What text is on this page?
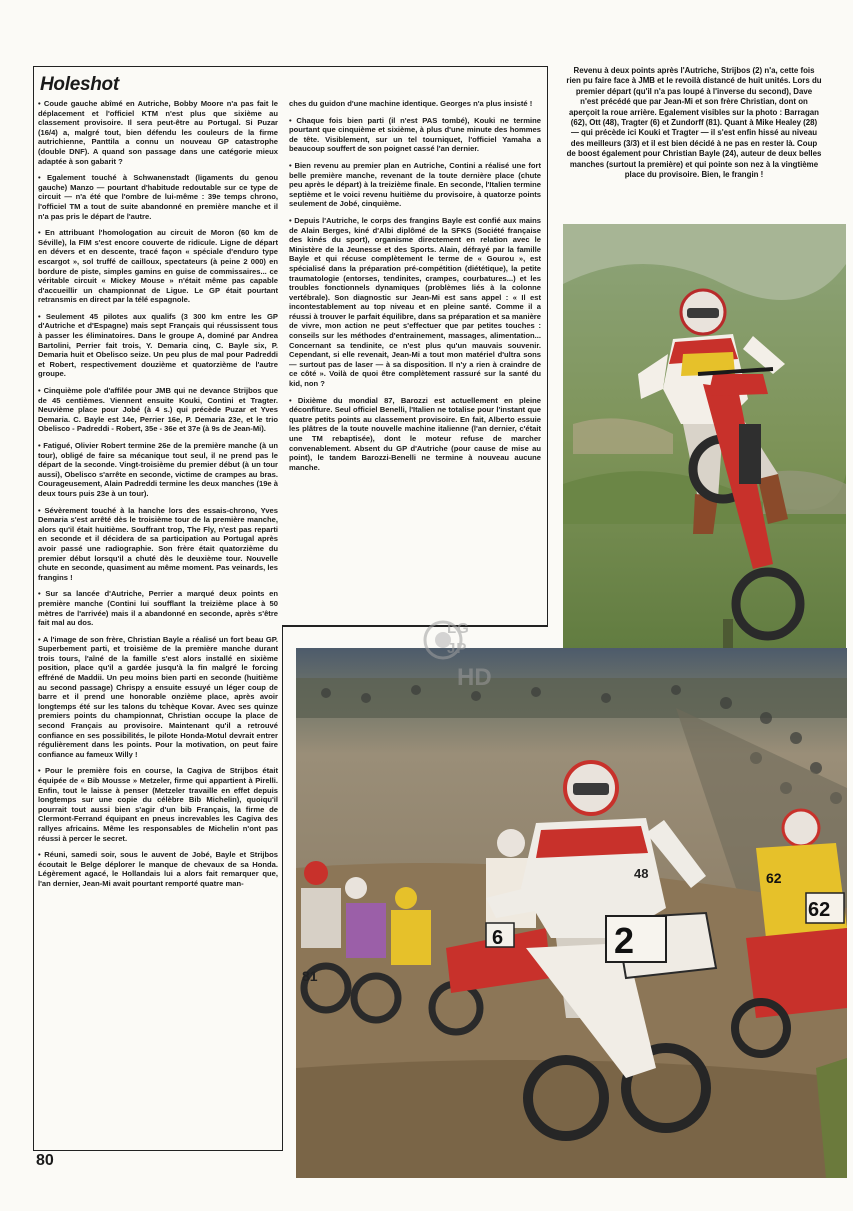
Holeshot

• Coude gauche abîmé en Autriche, Bobby Moore n'a pas fait le déplacement et l'officiel KTM n'est plus que sixième au classement provisoire. Il sera peut-être au Portugal. Si Puzar (16/4) a, malgré tout, bien défendu les couleurs de la firme autrichienne, Panttila a connu un nouveau GP catastrophe (double DNF). A quand son passage dans une catégorie mieux adaptée à son gabarit ?

• Egalement touché à Schwanenstadt (ligaments du genou gauche) Manzo — pourtant d'habitude redoutable sur ce type de circuit — n'a été que l'ombre de lui-même : 39e temps chrono, l'officiel TM a tout de suite abandonné en première manche et il n'a pas pris le départ de l'autre.

• En attribuant l'homologation au circuit de Moron (60 km de Séville), la FIM s'est encore couverte de ridicule. Ligne de départ en dévers et en descente, tracé façon « spéciale d'enduro type escargot », sol truffé de cailloux, spectateurs (à peine 2 000) en bordure de piste, simples gamins en guise de commissaires... ce véritable circuit « Mickey Mouse » n'était même pas capable d'accueillir un championnat de Ligue. Le GP était pourtant retransmis en direct par la télé espagnole.

• Seulement 45 pilotes aux qualifs (3 300 km entre les GP d'Autriche et d'Espagne) mais sept Français qui réussissent tous à passer les éliminatoires. Dans le groupe A, dominé par Andrea Bartolini, Perrier fait trois, Y. Demaria cinq, C. Bayle six, P. Demaria huit et Obelisco seize. Un peu plus de mal pour Padreddi et Robert, respectivement douzième et quatorzième de l'autre groupe.

• Cinquième pole d'affilée pour JMB qui ne devance Strijbos que de 45 centièmes. Viennent ensuite Kouki, Contini et Tragter. Neuvième place pour Jobé (à 4 s.) qui précède Puzar et Yves Demaria. C. Bayle est 14e, Perrier 16e, P. Demaria 23e, et le trio Obelisco - Padreddi - Robert, 35e - 36e et 37e (à 9s de Jean-Mi).

• Fatigué, Olivier Robert termine 26e de la première manche (à un tour), obligé de faire sa mécanique tout seul, il ne prend pas le départ de la seconde. Vingt-troisième du premier début (à un tour aussi), Obelisco s'arrête en seconde, victime de crampes au bras. Courageusement, Alain Padreddi termine les deux manches (19e à deux tours puis 23e à un tour).

• Sévèrement touché à la hanche lors des essais-chrono, Yves Demaria s'est arrêté dès le troisième tour de la première manche, alors qu'il était huitième. Souffrant trop, The Fly, n'est pas reparti en seconde et il décidera de sa participation au Portugal après avoir passé une radiographie. Son frère était quatorzième du premier début lorsqu'il a chuté dès le deuxième tour. Nouvelle chute en seconde, quasiment au même moment. Pas veinards, les frangins !

• Sur sa lancée d'Autriche, Perrier a marqué deux points en première manche (Contini lui soufflant la treizième place à 50 mètres de l'arrivée) mais il a abandonné en seconde, après s'être fait mal au dos.

• A l'image de son frère, Christian Bayle a réalisé un fort beau GP. Superbement parti, et troisième de la première manche durant trois tours, l'aîné de la famille s'est alors installé en sixième position, place qu'il a gardée jusqu'à la fin malgré le forcing effréné de Maddii. Un peu moins bien parti en seconde (huitième au second passage) Chrispy a ensuite essuyé un léger coup de barre et il prend une honorable onzième place, après avoir longtemps été sur les talons du tchèque Kovar. Avec ses quinze premiers points du championnat, Christian occupe la place de second Français au provisoire. Maintenant qu'il a retrouvé confiance en ses possibilités, le pilote Honda-Motul devrait entrer régulièrement dans les points. Pour la motivation, on peut faire confiance au fameux Willy !

• Pour le première fois en course, la Cagiva de Strijbos était équipée de « Bib Mousse » Metzeler, firme qui appartient à Pirelli. Enfin, tout le laisse à penser (Metzeler travaille en effet depuis longtemps sur une copie du célèbre Bib Michelin), quoiqu'il pourrait tout aussi bien s'agir d'un bib Français, la firme de Clermont-Ferrand équipant en pneus increvables les Cagiva des rallyes africains. Même les responsables de Michelin n'ont pas réussi à percer le secret.

• Réuni, samedi soir, sous le auvent de Jobé, Bayle et Strijbos écoutait le Belge déplorer le manque de chevaux de sa Honda. Légèrement agacé, le Hollandais lui a alors fait remarquer que, l'an dernier, Jean-Mi avait pourtant remporté quatre man-

ches du guidon d'une machine identique. Georges n'a plus insisté !

• Chaque fois bien parti (il n'est PAS tombé), Kouki ne termine pourtant que cinquième et sixième, à plus d'une minute des hommes de tête. Visiblement, sur un tel tourniquet, l'officiel Yamaha a beaucoup souffert de son poignet cassé l'an dernier.

• Bien revenu au premier plan en Autriche, Contini a réalisé une fort belle première manche, revenant de la toute dernière place (chute peu après le départ) à la treizième finale. En seconde, l'Italien termine septième et le voici revenu huitième du provisoire, à quatorze points seulement de Jobé, cinquième.

• Depuis l'Autriche, le corps des frangins Bayle est confié aux mains de Alain Berges, kiné d'Albi diplômé de la SFKS (Société française des kinés du sport), organisme directement en relation avec le Ministère de la Jeunesse et des Sports. Alain, défrayé par la famille Bayle et qui récuse complètement le terme de « Gourou », est spécialisé dans la préparation pré-compétition (diététique), la petite traumatologie (entorses, tendinites, crampes, courbatures...) et les troubles fonctionnels dynamiques (problèmes liés à la colonne vertébrale). Son diagnostic sur Jean-Mi est sans appel : « Il est incontestablement au top niveau et en pleine santé. Comme il a réussi à trouver le parfait équilibre, dans sa préparation et sa manière de vivre, mon action ne peut s'effectuer que par petites touches : conseils sur les méthodes d'entrainement, massages, alimentation... Concernant sa tendinite, ce n'est plus qu'un mauvais souvenir. Cependant, si elle revenait, Jean-Mi a tout mon matériel d'ultra sons — surtout pas de laser — à sa disposition. Il n'y a rien à craindre de ce côté ». Voilà de quoi être complètement rassuré sur la santé du kid, non ?

• Dixième du mondial 87, Barozzi est actuellement en pleine déconfiture. Seul officiel Benelli, l'Italien ne totalise pour l'instant que quatre petits points au classement provisoire. En fait, Alberto essuie les plâtres de la toute nouvelle machine italienne (l'an dernier, c'était une TM rebaptisée), dont le moteur refuse de marcher convenablement. Absent du GP d'Autriche (pour cause de mise au point), le tandem Barozzi-Benelli ne termine à nouveau aucune manche.

Revenu à deux points après l'Autriche, Strijbos (2) n'a, cette fois rien pu faire face à JMB et le revoilà distancé de huit unités. Lors du premier départ (qu'il n'a pas loupé à l'inverse du second), Dave n'est précédé que par Jean-Mi et son frère Christian, dont on aperçoit la roue arrière. Egalement visibles sur la photo : Barragan (62), Ott (48), Tragter (6) et Zundorff (81). Quant à Mike Healey (28) — qui précède ici Kouki et Tragter — il s'est enfin hissé au niveau des meilleurs (3/3) et il est bien décidé à ne pas en rester là. Coup de boost également pour Christian Bayle (24), auteur de deux belles manches (surtout la première) et qui pointe son nez à la vingtième place du provisoire. Bien, le frangin !
2
6
62
62
48
81
LG
JP
HD
80
